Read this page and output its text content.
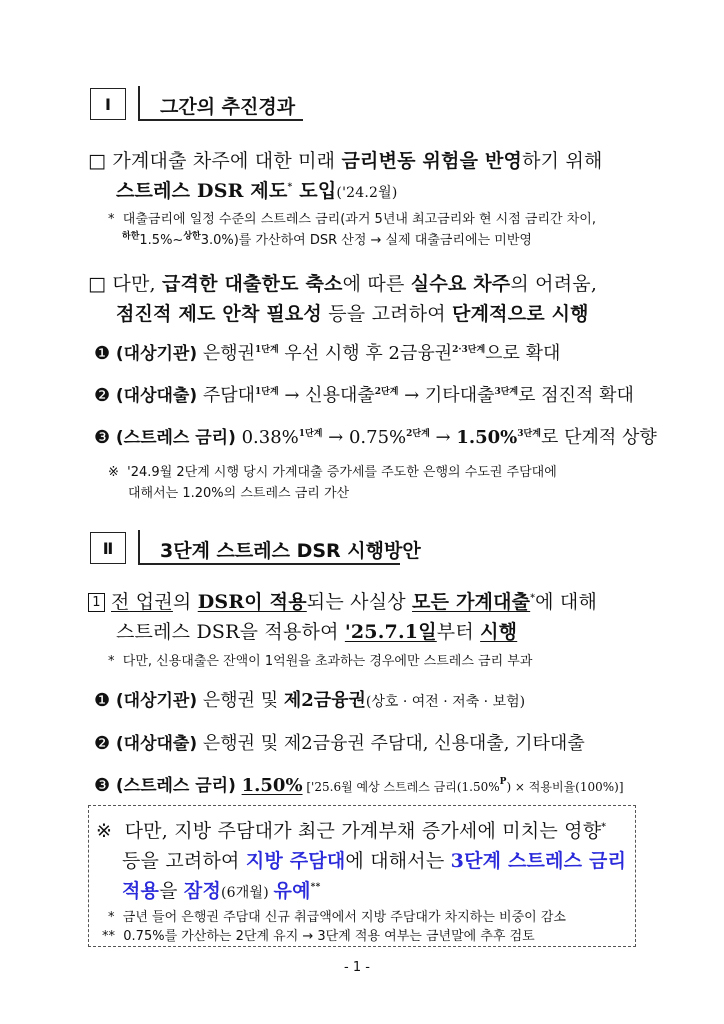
Ⅰ	그간의 추진경과
□ 가계대출 차주에 대한 미래 금리변동 위험을 반영하기 위해
스트레스 DSR 제도* 도입('24.2월)
* 대출금리에 일정 수준의 스트레스 금리(과거 5년내 최고금리와 현 시점 금리간 차이,
$^{하한}$1.5%~$^{상한}$3.0%)를 가산하여 DSR 산정 → 실제 대출금리에는 미반영
□ 다만, 급격한 대출한도 축소에 따른 실수요 차주의 어려움,
점진적 제도 안착 필요성 등을 고려하여 단계적으로 시행
❶ (대상기관) 은행권$^{1단계}$ 우선 시행 후 2금융권$^{2\cdot 3단계}$으로 확대
❷ (대상대출) 주담대$^{1단계}$ → 신용대출$^{2단계}$ → 기타대출$^{3단계}$로 점진적 확대
❸ (스트레스 금리) 0.38%$^{1단계}$ → 0.75%$^{2단계}$ → 1.50%$^{3단계}$로 단계적 상향
※ '24.9월 2단계 시행 당시 가계대출 증가세를 주도한 은행의 수도권 주담대에
대해서는 1.20%의 스트레스 금리 가산
Ⅱ 3단계 스트레스 DSR 시행방안
1 전 업권의 DSR이 적용되는 사실상 모든 가계대출*에 대해
스트레스 DSR을 적용하여 '25.7.1일부터 시행
* 다만, 신용대출은 잔액이 1억원을 초과하는 경우에만 스트레스 금리 부과
❶ (대상기관) 은행권 및 제2금융권(상호 · 여전 · 저축 · 보험)
❷ (대상대출) 은행권 및 제2금융권 주담대, 신용대출, 기타대출
❸ (스트레스 금리) 1.50% ['25.6월 예상 스트레스 금리(1.50%$^P$) × 적용비율(100%)]
※ 다만, 지방 주담대가 최근 가계부채 증가세에 미치는 영향*
등을 고려하여 지방 주담대에 대해서는 3단계 스트레스 금리
적용을 잠정(6개월) 유예**
* 금년 들어 은행권 주담대 신규 취급액에서 지방 주담대가 차지하는 비중이 감소
** 0.75%를 가산하는 2단계 유지 → 3단계 적용 여부는 금년말에 추후 검토
- 1 -
